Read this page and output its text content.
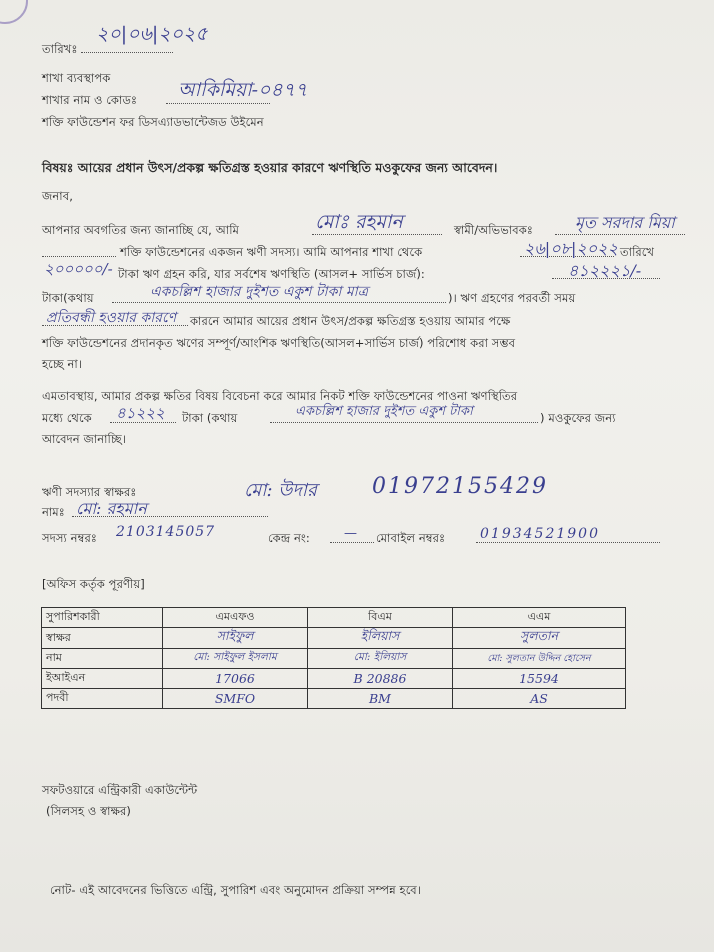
তারিখঃ
২০|০৬|২০২৫
শাখা ব্যবস্থাপক
শাখার নাম ও কোডঃ আকিমিয়া-০৪৭৭
শক্তি ফাউন্ডেশন ফর ডিসএ্যাডভান্টেজড উইমেন
বিষয়ঃ আয়ের প্রধান উৎস/প্রকল্প ক্ষতিগ্রস্ত হওয়ার কারণে ঋণস্থিতি মওকুফের জন্য আবেদন।
জনাব,
আপনার অবগতির জন্য জানাচ্ছি যে, আমি	মোঃ রহমান	স্বামী/অভিভাবকঃ	মৃত সরদার মিয়া
শক্তি ফাউন্ডেশনের একজন ঋণী সদস্য। আমি আপনার শাখা থেকে	২৬|০৮|২০২২ তারিখে
২০০০০০/- টাকা ঋণ গ্রহন করি, যার সর্বশেষ ঋণস্থিতি (আসল+ সার্ভিস চার্জ):	৪১২২২১/-
টাকা(কথায়	একচল্লিশ হাজার দুইশত একুশ টাকা মাত্র	)। ঋণ গ্রহণের পরবর্তী সময়
প্রতিবন্ধী হওয়ার কারণে কারনে আমার আয়ের প্রধান উৎস/প্রকল্প ক্ষতিগ্রস্ত হওয়ায় আমার পক্ষে
শক্তি ফাউন্ডেশনের প্রদানকৃত ঋণের সম্পূর্ণ/আংশিক ঋণস্থিতি(আসল+সার্ভিস চার্জ) পরিশোধ করা সম্ভব
হচ্ছে না।
এমতাবস্থায়, আমার প্রকল্প ক্ষতির বিষয় বিবেচনা করে আমার নিকট শক্তি ফাউন্ডেশনের পাওনা ঋণস্থিতির
মধ্যে থেকে ৪১২২২ টাকা (কথায়	একচল্লিশ হাজার দুইশত একুশ টাকা	) মওকুফের জন্য
আবেদন জানাচ্ছি।
ঋণী সদস্যার স্বাক্ষরঃ	মো: উদার	01972155429
নামঃ মো: রহমান
সদস্য নম্বরঃ 2103145057	কেন্দ্র নং:	— মোবাইল নম্বরঃ 01934521900
[অফিস কর্তৃক পূরণীয়]
সুপারিশকারী	এমএফও	বিএম	এএম
স্বাক্ষর	সাইফুল	ইলিয়াস	সুলতান
নাম	মো: সাইফুল ইসলাম	মো: ইলিয়াস	মো: সুলতান উদ্দিন হোসেন
ইআইএন	17066	B 20886	15594
পদবী	SMFO	BM	AS
সফটওয়ারে এন্ট্রিকারী একাউন্টেন্ট
(সিলসহ ও স্বাক্ষর)
নোট- এই আবেদনের ভিত্তিতে এন্ট্রি, সুপারিশ এবং অনুমোদন প্রক্রিয়া সম্পন্ন হবে।
